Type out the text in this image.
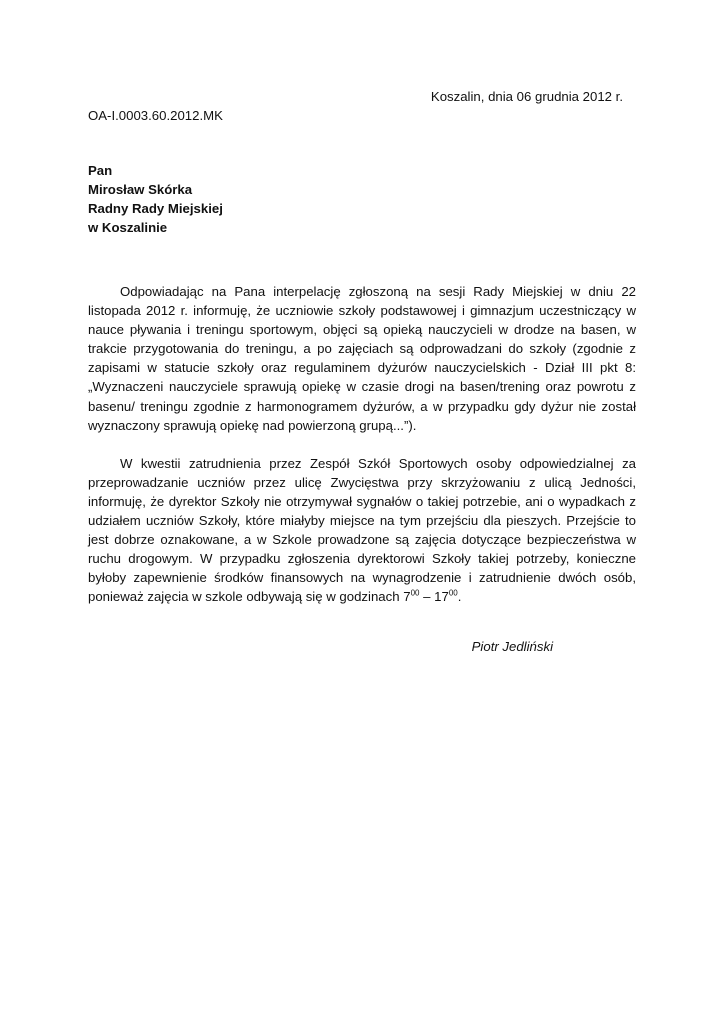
Koszalin, dnia 06 grudnia 2012 r.
OA-I.0003.60.2012.MK
Pan
Mirosław Skórka
Radny Rady Miejskiej
w Koszalinie

Odpowiadając na Pana interpelację zgłoszoną na sesji Rady Miejskiej w dniu 22 listopada 2012 r. informuję, że uczniowie szkoły podstawowej i gimnazjum uczestniczący w nauce pływania i treningu sportowym, objęci są opieką nauczycieli w drodze na basen, w trakcie przygotowania do treningu, a po zajęciach są odprowadzani do szkoły (zgodnie z zapisami w statucie szkoły oraz regulaminem dyżurów nauczycielskich - Dział III pkt 8: „Wyznaczeni nauczyciele sprawują opiekę w czasie drogi na basen/trening oraz powrotu z basenu/ treningu zgodnie z harmonogramem dyżurów, a w przypadku gdy dyżur nie został wyznaczony sprawują opiekę nad powierzoną grupą...”).

W kwestii zatrudnienia przez Zespół Szkół Sportowych osoby odpowiedzialnej za przeprowadzanie uczniów przez ulicę Zwycięstwa przy skrzyżowaniu z ulicą Jedności, informuję, że dyrektor Szkoły nie otrzymywał sygnałów o takiej potrzebie, ani o wypadkach z udziałem uczniów Szkoły, które miałyby miejsce na tym przejściu dla pieszych. Przejście to jest dobrze oznakowane, a w Szkole prowadzone są zajęcia dotyczące bezpieczeństwa w ruchu drogowym. W przypadku zgłoszenia dyrektorowi Szkoły takiej potrzeby, konieczne byłoby zapewnienie środków finansowych na wynagrodzenie i zatrudnienie dwóch osób, ponieważ zajęcia w szkole odbywają się w godzinach $7^{00} - 17^{00}$.

Piotr Jedliński
